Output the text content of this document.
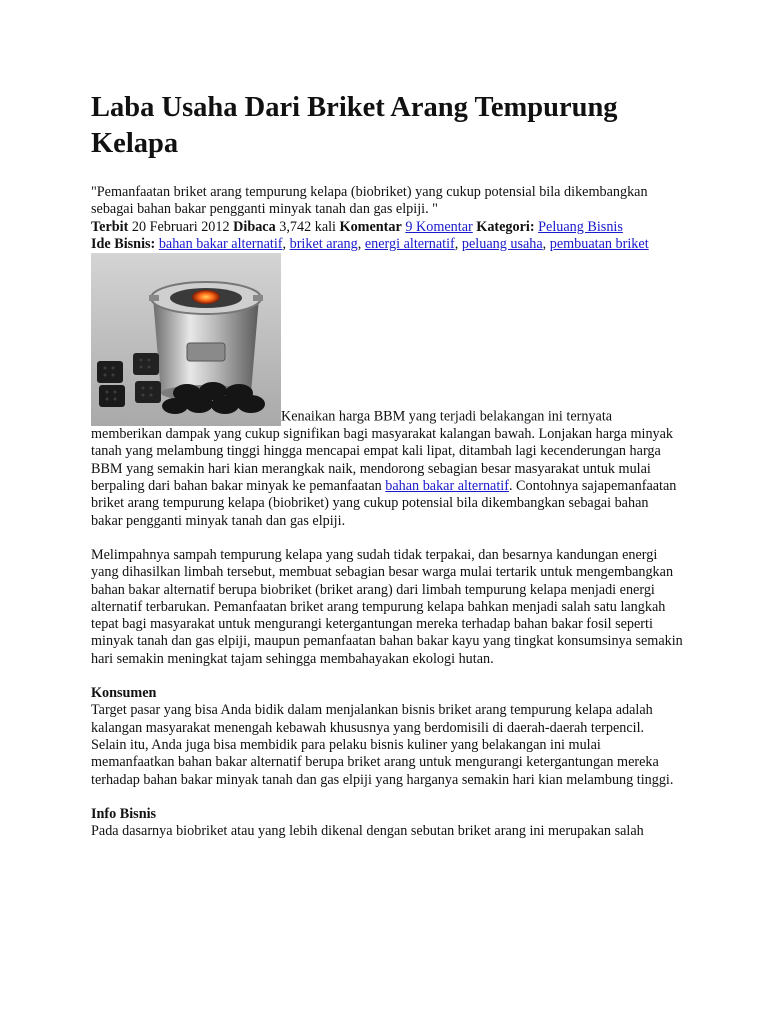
Laba Usaha Dari Briket Arang Tempurung Kelapa
"Pemanfaatan briket arang tempurung kelapa (biobriket) yang cukup potensial bila dikembangkan sebagai bahan bakar pengganti minyak tanah dan gas elpiji. "
Terbit 20 Februari 2012 Dibaca 3,742 kali Komentar 9 Komentar Kategori: Peluang Bisnis
Ide Bisnis: bahan bakar alternatif, briket arang, energi alternatif, peluang usaha, pembuatan briket
Kenaikan harga BBM yang terjadi belakangan ini ternyata memberikan dampak yang cukup signifikan bagi masyarakat kalangan bawah. Lonjakan harga minyak tanah yang melambung tinggi hingga mencapai empat kali lipat, ditambah lagi kecenderungan harga BBM yang semakin hari kian merangkak naik, mendorong sebagian besar masyarakat untuk mulai berpaling dari bahan bakar minyak ke pemanfaatan bahan bakar alternatif. Contohnya sajapemanfaatan briket arang tempurung kelapa (biobriket) yang cukup potensial bila dikembangkan sebagai bahan bakar pengganti minyak tanah dan gas elpiji.
Melimpahnya sampah tempurung kelapa yang sudah tidak terpakai, dan besarnya kandungan energi yang dihasilkan limbah tersebut, membuat sebagian besar warga mulai tertarik untuk mengembangkan bahan bakar alternatif berupa biobriket (briket arang) dari limbah tempurung kelapa menjadi energi alternatif terbarukan. Pemanfaatan briket arang tempurung kelapa bahkan menjadi salah satu langkah tepat bagi masyarakat untuk mengurangi ketergantungan mereka terhadap bahan bakar fosil seperti minyak tanah dan gas elpiji, maupun pemanfaatan bahan bakar kayu yang tingkat konsumsinya semakin hari semakin meningkat tajam sehingga membahayakan ekologi hutan.
Konsumen
Target pasar yang bisa Anda bidik dalam menjalankan bisnis briket arang tempurung kelapa adalah kalangan masyarakat menengah kebawah khususnya yang berdomisili di daerah-daerah terpencil. Selain itu, Anda juga bisa membidik para pelaku bisnis kuliner yang belakangan ini mulai memanfaatkan bahan bakar alternatif berupa briket arang untuk mengurangi ketergantungan mereka terhadap bahan bakar minyak tanah dan gas elpiji yang harganya semakin hari kian melambung tinggi.
Info Bisnis
Pada dasarnya biobriket atau yang lebih dikenal dengan sebutan briket arang ini merupakan salah
